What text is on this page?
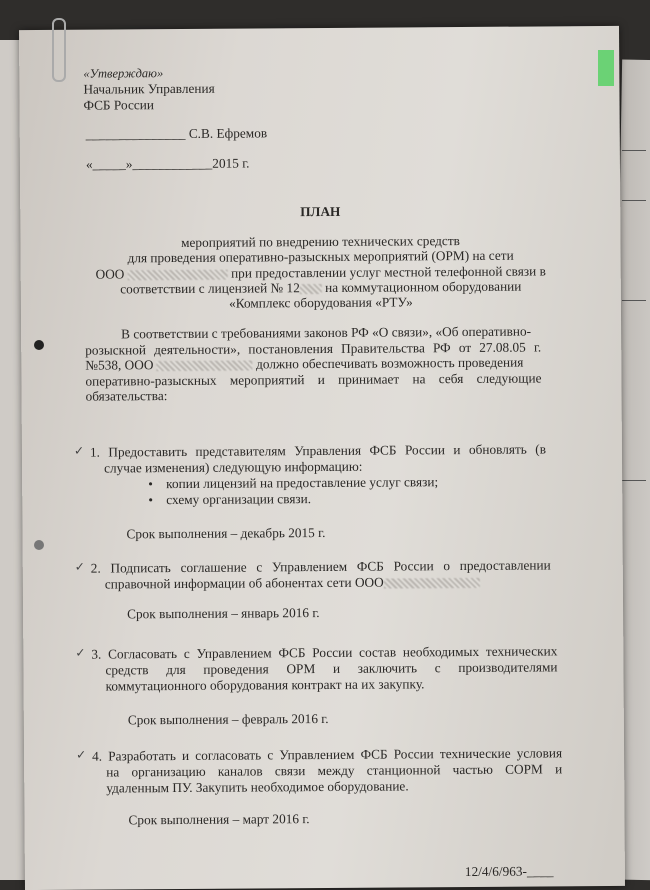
«Утверждаю»
Начальник Управления
ФСБ России
_______________ С.В. Ефремов
«_____»____________2015 г.
ПЛАН
мероприятий по внедрению технических средств
для проведения оперативно-разыскных мероприятий (ОРМ) на сети
ООО	при предоставлении услуг местной телефонной связи в
соответствии с лицензией № 12 на коммутационном оборудовании
«Комплекс оборудования «РТУ»
В соответствии с требованиями законов РФ «О связи», «Об оперативно-
розыскной деятельности», постановления Правительства РФ от 27.08.05 г.
№538, ООО	должно обеспечивать возможность проведения
оперативно-разыскных мероприятий и принимает на себя следующие
обязательства:
✓ 1. Предоставить представителям Управления ФСБ России и обновлять (в
случае изменения) следующую информацию:
•    копии лицензий на предоставление услуг связи;
•    схему организации связи.
Срок выполнения – декабрь 2015 г.
✓ 2. Подписать соглашение с Управлением ФСБ России о предоставлении
справочной информации об абонентах сети ООО
Срок выполнения – январь 2016 г.
✓ 3. Согласовать с Управлением ФСБ России состав необходимых технических
средств для проведения ОРМ и заключить с производителями
коммутационного оборудования контракт на их закупку.
Срок выполнения – февраль 2016 г.
✓ 4. Разработать и согласовать с Управлением ФСБ России технические условия
на организацию каналов связи между станционной частью СОРМ и
удаленным ПУ. Закупить необходимое оборудование.
Срок выполнения – март 2016 г.
12/4/6/963-____
